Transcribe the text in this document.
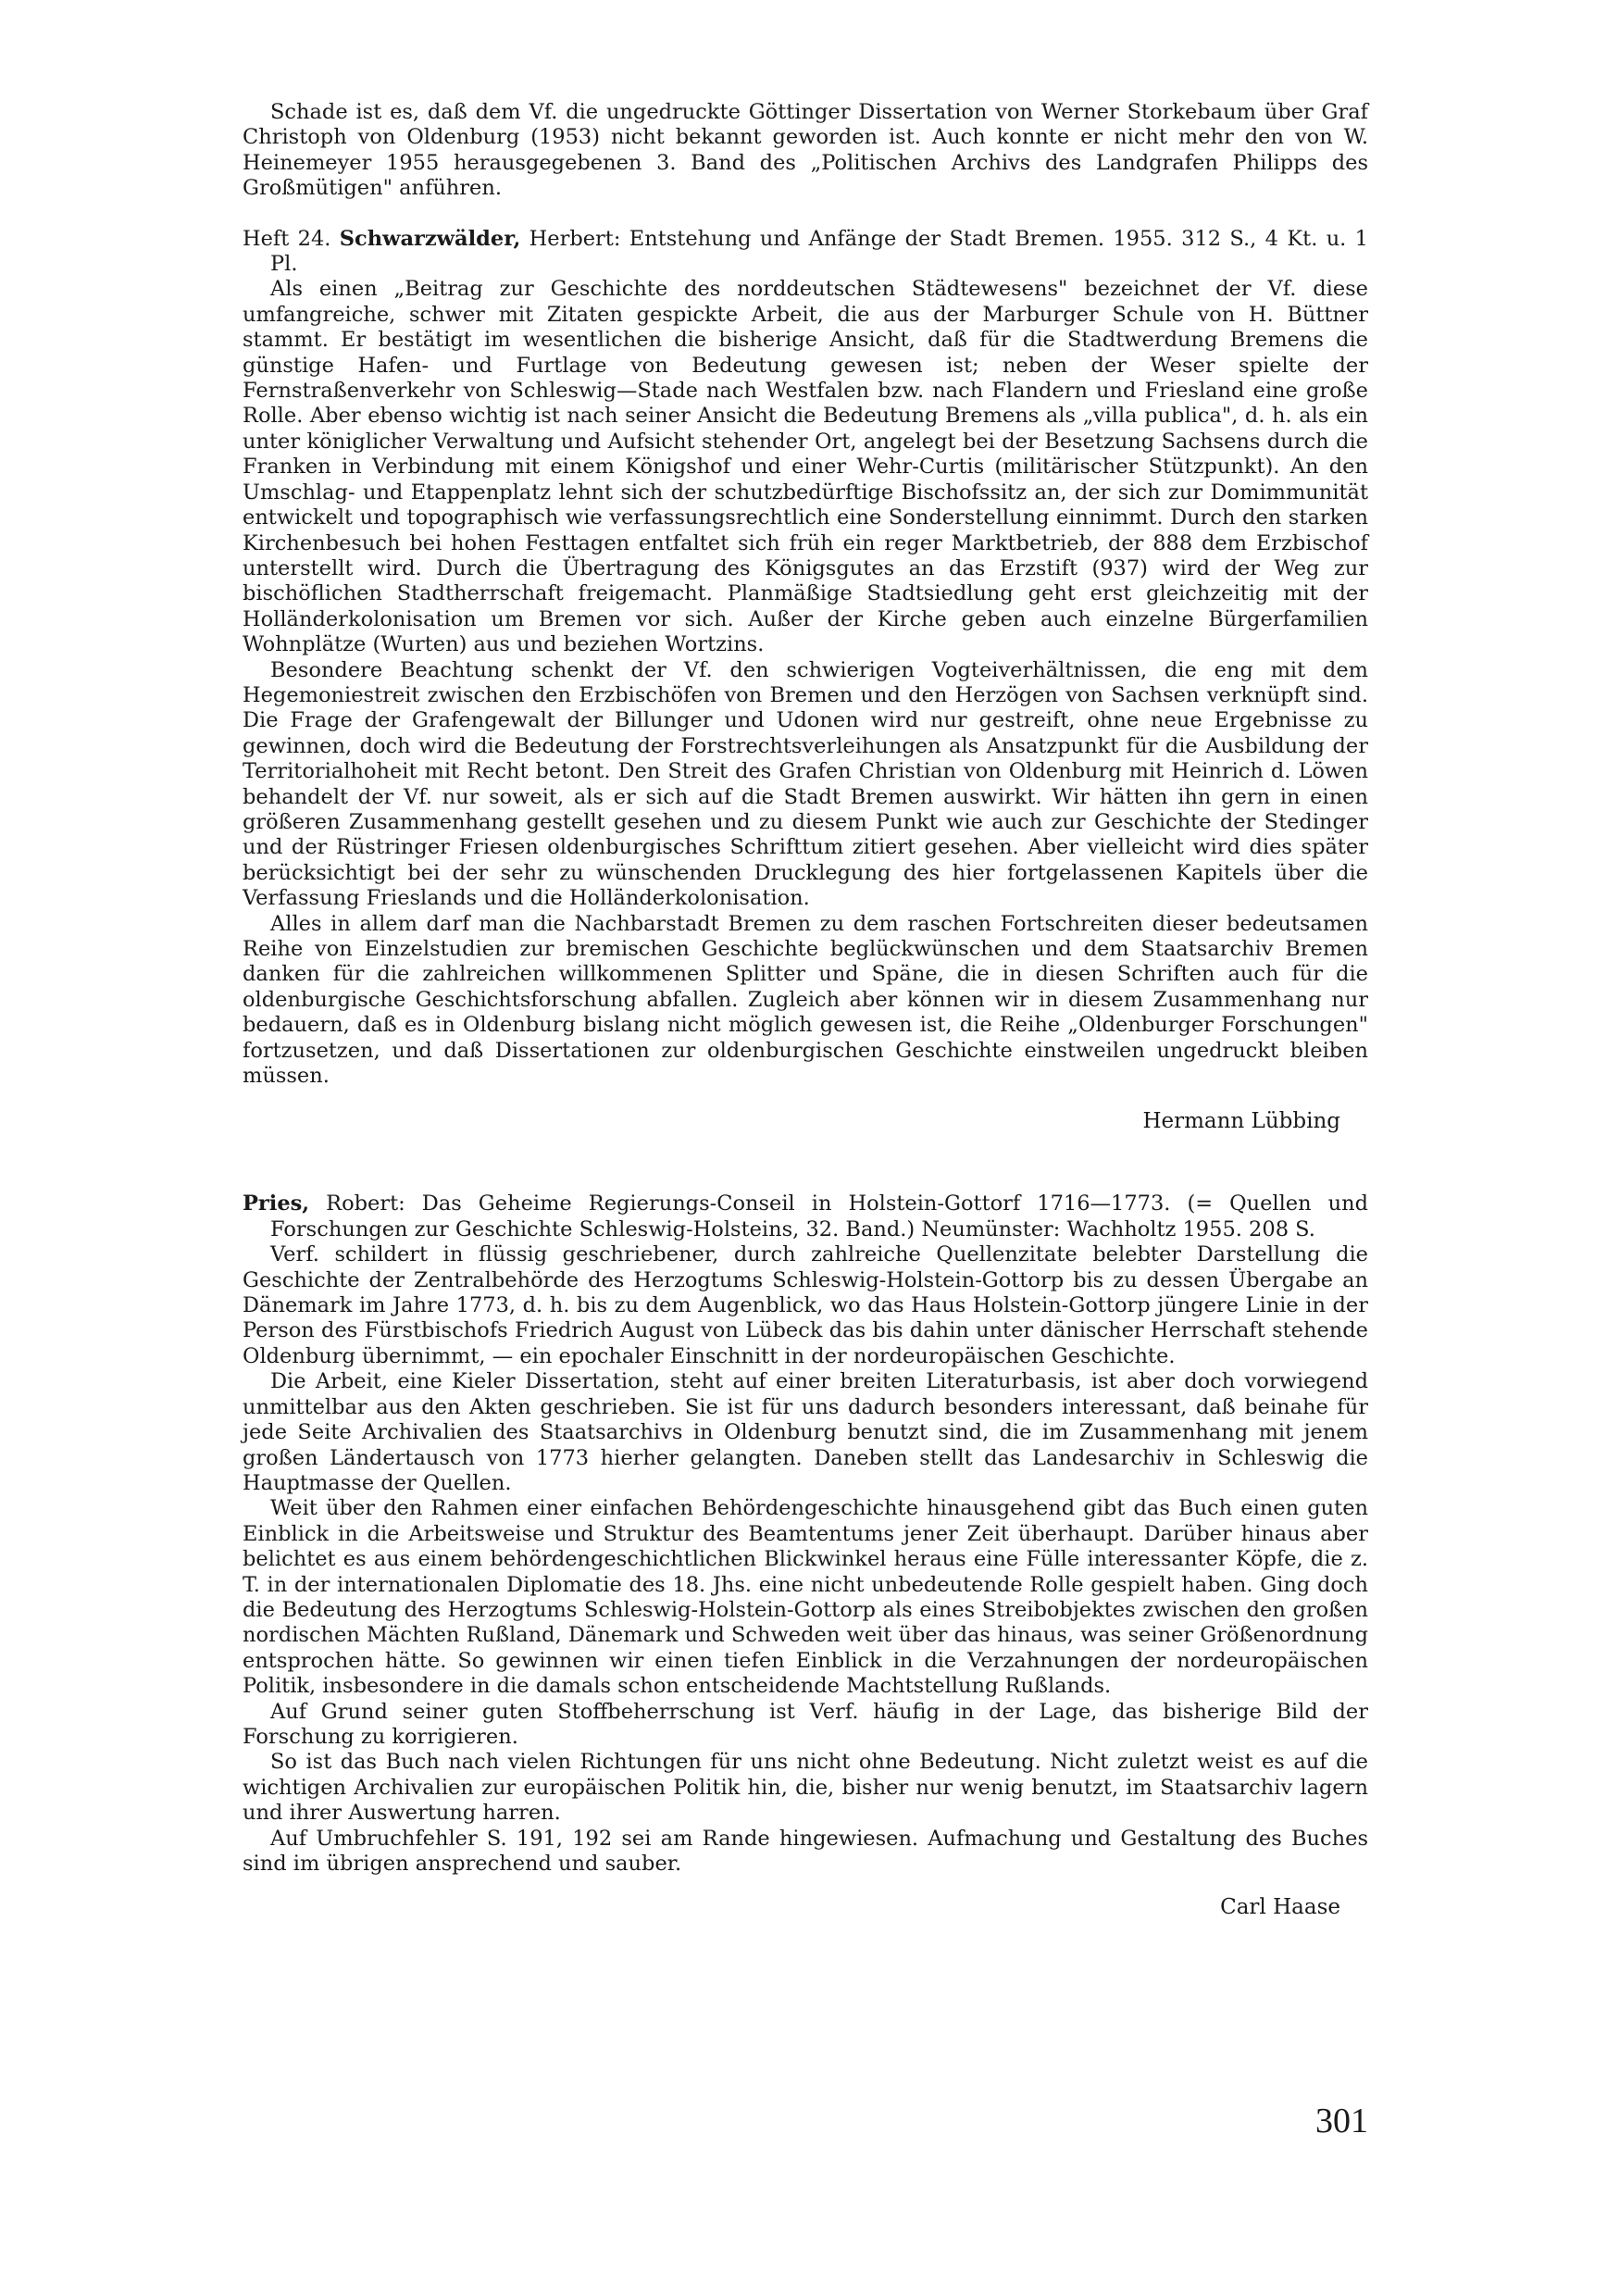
Schade ist es, daß dem Vf. die ungedruckte Göttinger Dissertation von Werner Storkebaum über Graf Christoph von Oldenburg (1953) nicht bekannt geworden ist. Auch konnte er nicht mehr den von W. Heinemeyer 1955 herausgegebenen 3. Band des „Politischen Archivs des Landgrafen Philipps des Großmütigen" anführen.

Heft 24. Schwarzwälder, Herbert: Entstehung und Anfänge der Stadt Bremen. 1955. 312 S., 4 Kt. u. 1 Pl.

Als einen „Beitrag zur Geschichte des norddeutschen Städtewesens" bezeichnet der Vf. diese umfangreiche, schwer mit Zitaten gespickte Arbeit, die aus der Marburger Schule von H. Büttner stammt. Er bestätigt im wesentlichen die bisherige Ansicht, daß für die Stadtwerdung Bremens die günstige Hafen- und Furtlage von Bedeutung gewesen ist; neben der Weser spielte der Fernstraßenverkehr von Schleswig—Stade nach Westfalen bzw. nach Flandern und Friesland eine große Rolle. Aber ebenso wichtig ist nach seiner Ansicht die Bedeutung Bremens als „villa publica", d. h. als ein unter königlicher Verwaltung und Aufsicht stehender Ort, angelegt bei der Besetzung Sachsens durch die Franken in Verbindung mit einem Königshof und einer Wehr-Curtis (militärischer Stützpunkt). An den Umschlag- und Etappenplatz lehnt sich der schutzbedürftige Bischofssitz an, der sich zur Domimmunität entwickelt und topographisch wie verfassungsrechtlich eine Sonderstellung einnimmt. Durch den starken Kirchenbesuch bei hohen Festtagen entfaltet sich früh ein reger Marktbetrieb, der 888 dem Erzbischof unterstellt wird. Durch die Übertragung des Königsgutes an das Erzstift (937) wird der Weg zur bischöflichen Stadtherrschaft freigemacht. Planmäßige Stadtsiedlung geht erst gleichzeitig mit der Holländerkolonisation um Bremen vor sich. Außer der Kirche geben auch einzelne Bürgerfamilien Wohnplätze (Wurten) aus und beziehen Wortzins.

Besondere Beachtung schenkt der Vf. den schwierigen Vogteiverhältnissen, die eng mit dem Hegemoniestreit zwischen den Erzbischöfen von Bremen und den Herzögen von Sachsen verknüpft sind. Die Frage der Grafengewalt der Billunger und Udonen wird nur gestreift, ohne neue Ergebnisse zu gewinnen, doch wird die Bedeutung der Forstrechtsverleihungen als Ansatzpunkt für die Ausbildung der Territorialhoheit mit Recht betont. Den Streit des Grafen Christian von Oldenburg mit Heinrich d. Löwen behandelt der Vf. nur soweit, als er sich auf die Stadt Bremen auswirkt. Wir hätten ihn gern in einen größeren Zusammenhang gestellt gesehen und zu diesem Punkt wie auch zur Geschichte der Stedinger und der Rüstringer Friesen oldenburgisches Schrifttum zitiert gesehen. Aber vielleicht wird dies später berücksichtigt bei der sehr zu wünschenden Drucklegung des hier fortgelassenen Kapitels über die Verfassung Frieslands und die Holländerkolonisation.

Alles in allem darf man die Nachbarstadt Bremen zu dem raschen Fortschreiten dieser bedeutsamen Reihe von Einzelstudien zur bremischen Geschichte beglückwünschen und dem Staatsarchiv Bremen danken für die zahlreichen willkommenen Splitter und Späne, die in diesen Schriften auch für die oldenburgische Geschichtsforschung abfallen. Zugleich aber können wir in diesem Zusammenhang nur bedauern, daß es in Oldenburg bislang nicht möglich gewesen ist, die Reihe „Oldenburger Forschungen" fortzusetzen, und daß Dissertationen zur oldenburgischen Geschichte einstweilen ungedruckt bleiben müssen.

Hermann Lübbing

Pries, Robert: Das Geheime Regierungs-Conseil in Holstein-Gottorf 1716—1773. (= Quellen und Forschungen zur Geschichte Schleswig-Holsteins, 32. Band.) Neumünster: Wachholtz 1955. 208 S.

Verf. schildert in flüssig geschriebener, durch zahlreiche Quellenzitate belebter Darstellung die Geschichte der Zentralbehörde des Herzogtums Schleswig-Holstein-Gottorp bis zu dessen Übergabe an Dänemark im Jahre 1773, d. h. bis zu dem Augenblick, wo das Haus Holstein-Gottorp jüngere Linie in der Person des Fürstbischofs Friedrich August von Lübeck das bis dahin unter dänischer Herrschaft stehende Oldenburg übernimmt, — ein epochaler Einschnitt in der nordeuropäischen Geschichte.

Die Arbeit, eine Kieler Dissertation, steht auf einer breiten Literaturbasis, ist aber doch vorwiegend unmittelbar aus den Akten geschrieben. Sie ist für uns dadurch besonders interessant, daß beinahe für jede Seite Archivalien des Staatsarchivs in Oldenburg benutzt sind, die im Zusammenhang mit jenem großen Ländertausch von 1773 hierher gelangten. Daneben stellt das Landesarchiv in Schleswig die Hauptmasse der Quellen.

Weit über den Rahmen einer einfachen Behördengeschichte hinausgehend gibt das Buch einen guten Einblick in die Arbeitsweise und Struktur des Beamtentums jener Zeit überhaupt. Darüber hinaus aber belichtet es aus einem behördengeschichtlichen Blickwinkel heraus eine Fülle interessanter Köpfe, die z. T. in der internationalen Diplomatie des 18. Jhs. eine nicht unbedeutende Rolle gespielt haben. Ging doch die Bedeutung des Herzogtums Schleswig-Holstein-Gottorp als eines Streibobjektes zwischen den großen nordischen Mächten Rußland, Dänemark und Schweden weit über das hinaus, was seiner Größenordnung entsprochen hätte. So gewinnen wir einen tiefen Einblick in die Verzahnungen der nordeuropäischen Politik, insbesondere in die damals schon entscheidende Machtstellung Rußlands.

Auf Grund seiner guten Stoffbeherrschung ist Verf. häufig in der Lage, das bisherige Bild der Forschung zu korrigieren.

So ist das Buch nach vielen Richtungen für uns nicht ohne Bedeutung. Nicht zuletzt weist es auf die wichtigen Archivalien zur europäischen Politik hin, die, bisher nur wenig benutzt, im Staatsarchiv lagern und ihrer Auswertung harren.

Auf Umbruchfehler S. 191, 192 sei am Rande hingewiesen. Aufmachung und Gestaltung des Buches sind im übrigen ansprechend und sauber.

Carl Haase
301
